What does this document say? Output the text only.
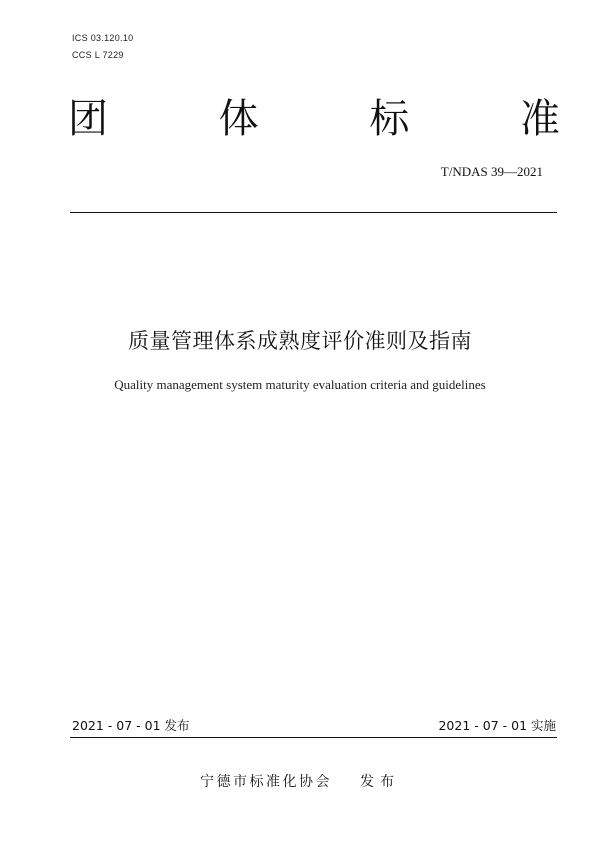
ICS 03.120.10
CCS L 7229
团	体	标	准
T/NDAS 39—2021
质量管理体系成熟度评价准则及指南
Quality management system maturity evaluation criteria and guidelines
2021 - 07 - 01 发布	2021 - 07 - 01 实施
宁德市标准化协会 发布
